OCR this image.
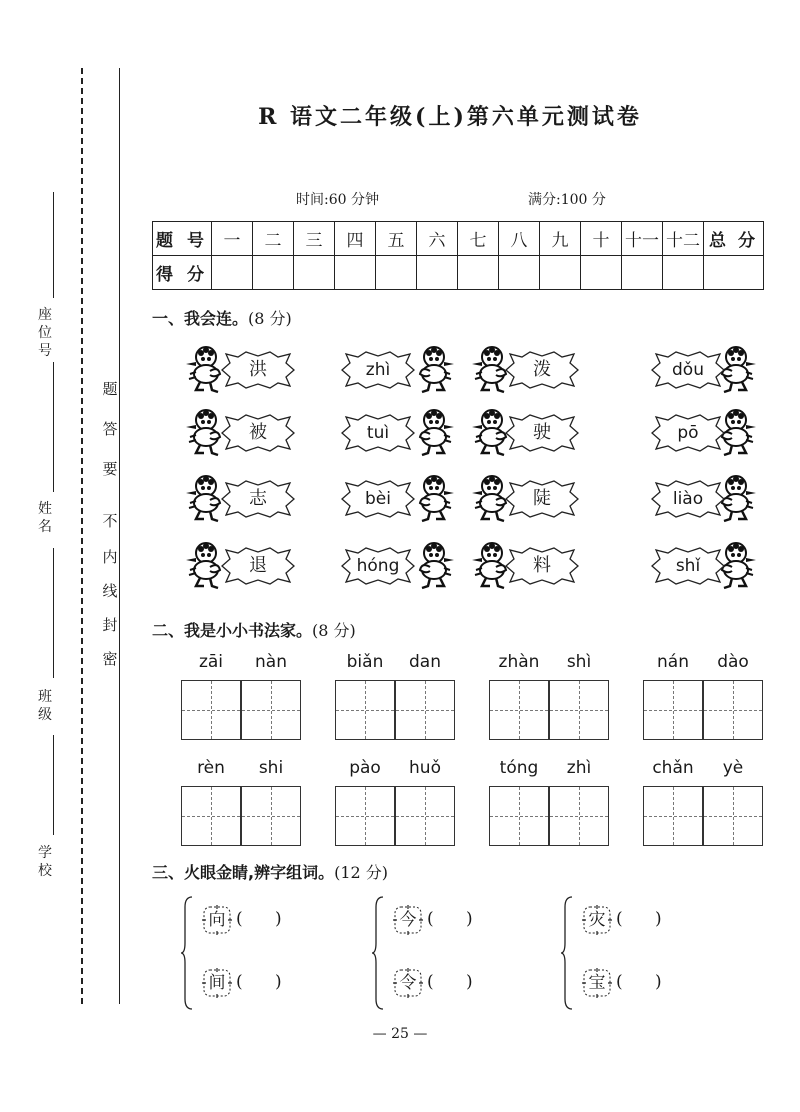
学校
班级
姓名
座位号
密
封
线
内
不
要
答
题
R 语文二年级(上)第六单元测试卷
时间:60 分钟	满分:100 分
题 号	一	二	三	四	五	六	七	八	九	十	十一	十二	总 分
得 分													
一、我会连。(8 分)
洪
被
志
退
zhì
tuì
bèi
hóng
泼
驶
陡
料
dǒu
pō
liào
shǐ
二、我是小小书法家。(8 分)
zāi	nàn	biǎn	dan	zhàn	shì	nán	dào
rèn	shi	pào	huǒ	tóng	zhì	chǎn	yè
三、火眼金睛,辨字组词。(12 分)
向 (      )
间 (      )
今 (      )
令 (      )
灾 (      )
宝 (      )
— 25 —
